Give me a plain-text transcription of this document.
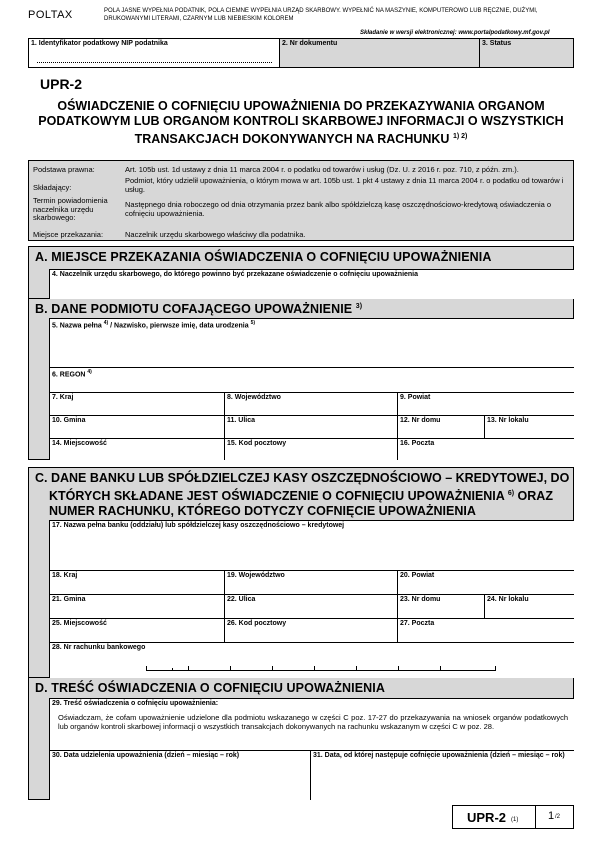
POLTAX	POLA JASNE WYPEŁNIA PODATNIK, POLA CIEMNE WYPEŁNIA URZĄD SKARBOWY. WYPEŁNIĆ NA MASZYNIE, KOMPUTEROWO LUB RĘCZNIE, DUŻYMI, DRUKOWANYMI LITERAMI, CZARNYM LUB NIEBIESKIM KOLOREM
Składanie w wersji elektronicznej: www.portalpodatkowy.mf.gov.pl
1. Identyfikator podatkowy NIP podatnika	2. Nr dokumentu	3. Status
UPR-2
OŚWIADCZENIE O COFNIĘCIU UPOWAŻNIENIA DO PRZEKAZYWANIA ORGANOM
PODATKOWYM LUB ORGANOM KONTROLI SKARBOWEJ INFORMACJI O WSZYSTKICH
TRANSAKCJACH DOKONYWANYCH NA RACHUNKU $^{1) 2)}$
Podstawa prawna:	Art. 105b ust. 1d ustawy z dnia 11 marca 2004 r. o podatku od towarów i usług (Dz. U. z 2016 r. poz. 710, z późn. zm.).
Składający:
Podmiot, który udzielił upoważnienia, o którym mowa w art. 105b ust. 1 pkt 4 ustawy z dnia 11 marca 2004 r. o podatku od towarów i usług.
Termin powiadomienia naczelnika urzędu skarbowego:
Następnego dnia roboczego od dnia otrzymania przez bank albo spółdzielczą kasę oszczędnościowo-kredytową oświadczenia o cofnięciu upoważnienia.
Miejsce przekazania:	Naczelnik urzędu skarbowego właściwy dla podatnika.
A. MIEJSCE PRZEKAZANIA OŚWIADCZENIA O COFNIĘCIU UPOWAŻNIENIA
4. Naczelnik urzędu skarbowego, do którego powinno być przekazane oświadczenie o cofnięciu upoważnienia
B. DANE PODMIOTU COFAJĄCEGO UPOWAŻNIENIE $^{3)}$
5. Nazwa pełna $^{4)}$ / Nazwisko, pierwsze imię, data urodzenia $^{5)}$
6. REGON $^{4)}$
7. Kraj	8. Województwo	9. Powiat
10. Gmina	11. Ulica	12. Nr domu	13. Nr lokalu
14. Miejscowość	15. Kod pocztowy	16. Poczta
C. DANE BANKU LUB SPÓŁDZIELCZEJ KASY OSZCZĘDNOŚCIOWO – KREDYTOWEJ, DO
KTÓRYCH SKŁADANE JEST OŚWIADCZENIE O COFNIĘCIU UPOWAŻNIENIA $^{6)}$ ORAZ
NUMER RACHUNKU, KTÓREGO DOTYCZY COFNIĘCIE UPOWAŻNIENIA
17. Nazwa pełna banku (oddziału) lub spółdzielczej kasy oszczędnościowo – kredytowej
18. Kraj	19. Województwo	20. Powiat
21. Gmina	22. Ulica	23. Nr domu	24. Nr lokalu
25. Miejscowość	26. Kod pocztowy	27. Poczta
28. Nr rachunku bankowego
D. TREŚĆ OŚWIADCZENIA O COFNIĘCIU UPOWAŻNIENIA
29. Treść oświadczenia o cofnięciu upoważnienia:
Oświadczam, że cofam upoważnienie udzielone dla podmiotu wskazanego w części C poz. 17-27 do przekazywania na wniosek organów podatkowych lub organów kontroli skarbowej informacji o wszystkich transakcjach dokonywanych na rachunku wskazanym w części C w poz. 28.
30. Data udzielenia upoważnienia (dzień – miesiąc – rok)	31. Data, od której następuje cofnięcie upoważnienia (dzień – miesiąc – rok)
UPR-2 (1)	1 /2
